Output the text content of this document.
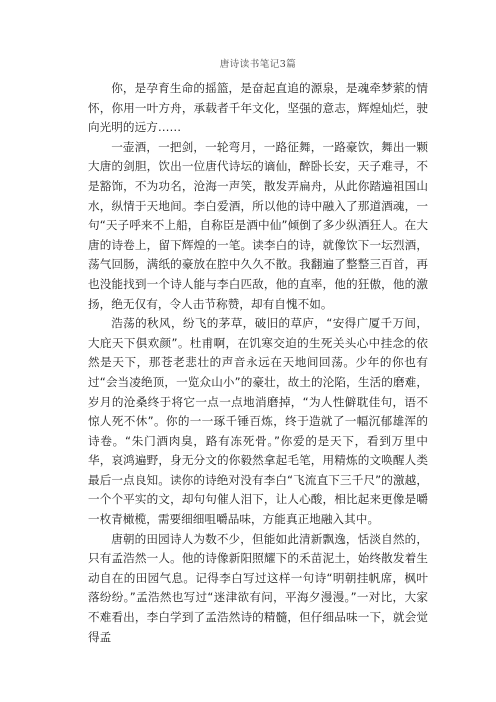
唐诗读书笔记3篇

你，是孕育生命的摇篮，是奋起直追的源泉，是魂牵梦萦的情怀，你用一叶方舟，承载者千年文化，坚强的意志，辉煌灿烂，驶向光明的远方……

一壶酒，一把剑，一轮弯月，一路征舞，一路豪饮，舞出一颗大唐的剑胆，饮出一位唐代诗坛的谪仙，醉卧长安，天子难寻，不是豁饰，不为功名，沧海一声笑，散发弄扁舟，从此你踏遍祖国山水，纵情于天地间。李白爱酒，所以他的诗中融入了那道酒魂，一句“天子呼来不上船，自称臣是酒中仙”倾倒了多少纵酒狂人。在大唐的诗卷上，留下辉煌的一笔。读李白的诗，就像饮下一坛烈酒，荡气回肠，满纸的豪放在腔中久久不散。我翻遍了整整三百首，再也没能找到一个诗人能与李白匹敌，他的直率，他的狂傲，他的激扬，绝无仅有，令人击节称赞，却有自愧不如。

浩荡的秋风，纷飞的茅草，破旧的草庐，“安得广厦千万间，大庇天下俱欢颜”。杜甫啊，在饥寒交迫的生死关头心中挂念的依然是天下，那苍老悲壮的声音永远在天地间回荡。少年的你也有过“会当凌绝顶，一览众山小”的豪壮，故土的沦陷，生活的磨难，岁月的沧桑终于将它一点一点地消磨掉，“为人性僻耽佳句，语不惊人死不休”。你的一一琢千锤百炼，终于造就了一幅沉郁雄浑的诗卷。“朱门酒肉臭，路有冻死骨。”你爱的是天下，看到万里中华，哀鸿遍野，身无分文的你毅然拿起毛笔，用精炼的文唤醒人类最后一点良知。读你的诗绝对没有李白“飞流直下三千尺”的激越，一个个平实的文，却句句催人泪下，让人心酸，相比起来更像是嚼一枚青橄榄，需要细细咀嚼品味，方能真正地融入其中。

唐朝的田园诗人为数不少，但能如此清新飘逸，恬淡自然的，只有孟浩然一人。他的诗像新阳照耀下的禾苗泥土，始终散发着生动自在的田园气息。记得李白写过这样一句诗“明朝挂帆席，枫叶落纷纷。”孟浩然也写过“迷津欲有问，平海夕漫漫。”一对比，大家不难看出，李白学到了孟浩然诗的精髓，但仔细品味一下，就会觉得孟
